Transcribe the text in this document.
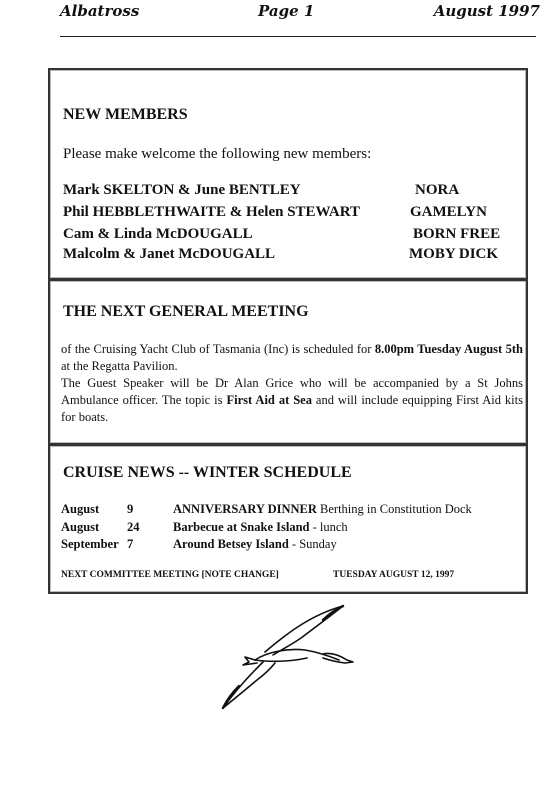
Albatross	Page 1	August 1997
NEW MEMBERS
Please make welcome the following new members:
Mark SKELTON & June BENTLEY	NORA
Phil HEBBLETHWAITE & Helen STEWART	GAMELYN
Cam & Linda McDOUGALL	BORN FREE
Malcolm & Janet McDOUGALL	MOBY DICK
THE NEXT GENERAL MEETING

of the Cruising Yacht Club of Tasmania (Inc) is scheduled for 8.00pm Tuesday August 5th at the Regatta Pavilion.

The Guest Speaker will be Dr Alan Grice who will be accompanied by a St Johns Ambulance officer. The topic is First Aid at Sea and will include equipping First Aid kits for boats.

CRUISE NEWS -- WINTER SCHEDULE
August 9	ANNIVERSARY DINNER Berthing in Constitution Dock
August 24	Barbecue at Snake Island - lunch
September 7	Around Betsey Island - Sunday
NEXT COMMITTEE MEETING [NOTE CHANGE]	TUESDAY AUGUST 12, 1997
